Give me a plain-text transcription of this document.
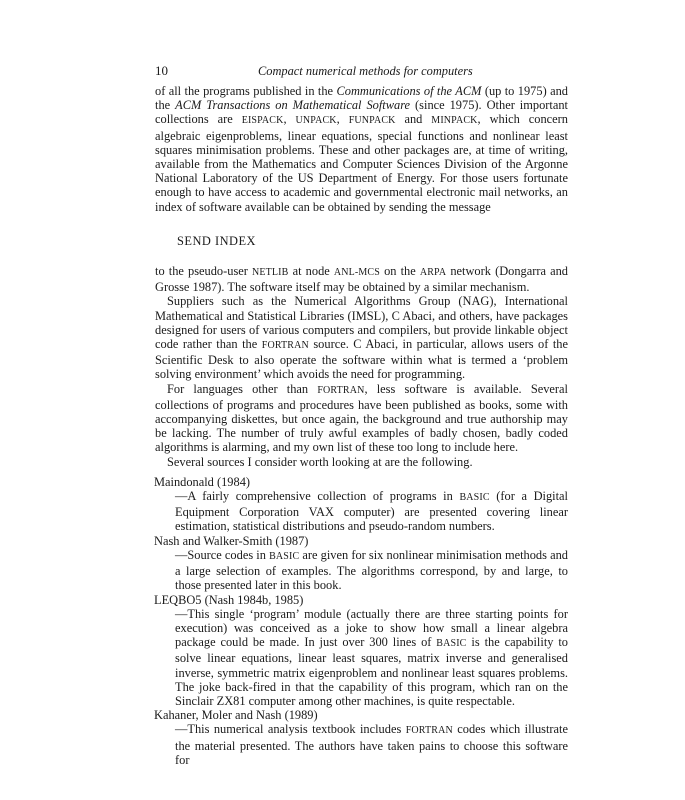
10	Compact numerical methods for computers

of all the programs published in the Communications of the ACM (up to 1975) and the ACM Transactions on Mathematical Software (since 1975). Other important collections are EISPACK, UNPACK, FUNPACK and MINPACK, which concern algebraic eigenproblems, linear equations, special functions and nonlinear least squares minimisation problems. These and other packages are, at time of writing, available from the Mathematics and Computer Sciences Division of the Argonne National Laboratory of the US Department of Energy. For those users fortunate enough to have access to academic and governmental electronic mail networks, an index of software available can be obtained by sending the message

SEND INDEX

to the pseudo-user NETLIB at node ANL-MCS on the ARPA network (Dongarra and Grosse 1987). The software itself may be obtained by a similar mechanism.

Suppliers such as the Numerical Algorithms Group (NAG), International Mathematical and Statistical Libraries (IMSL), C Abaci, and others, have packages designed for users of various computers and compilers, but provide linkable object code rather than the FORTRAN source. C Abaci, in particular, allows users of the Scientific Desk to also operate the software within what is termed a ‘problem solving environment’ which avoids the need for programming.

For languages other than FORTRAN, less software is available. Several collections of programs and procedures have been published as books, some with accompanying diskettes, but once again, the background and true authorship may be lacking. The number of truly awful examples of badly chosen, badly coded algorithms is alarming, and my own list of these too long to include here.

Several sources I consider worth looking at are the following.

Maindonald (1984)

—A fairly comprehensive collection of programs in BASIC (for a Digital Equipment Corporation VAX computer) are presented covering linear estimation, statistical distributions and pseudo-random numbers.

Nash and Walker-Smith (1987)

—Source codes in BASIC are given for six nonlinear minimisation methods and a large selection of examples. The algorithms correspond, by and large, to those presented later in this book.

LEQBO5 (Nash 1984b, 1985)

—This single ‘program’ module (actually there are three starting points for execution) was conceived as a joke to show how small a linear algebra package could be made. In just over 300 lines of BASIC is the capability to solve linear equations, linear least squares, matrix inverse and generalised inverse, symmetric matrix eigenproblem and nonlinear least squares problems. The joke back-fired in that the capability of this program, which ran on the Sinclair ZX81 computer among other machines, is quite respectable.

Kahaner, Moler and Nash (1989)

—This numerical analysis textbook includes FORTRAN codes which illustrate the material presented. The authors have taken pains to choose this software for
